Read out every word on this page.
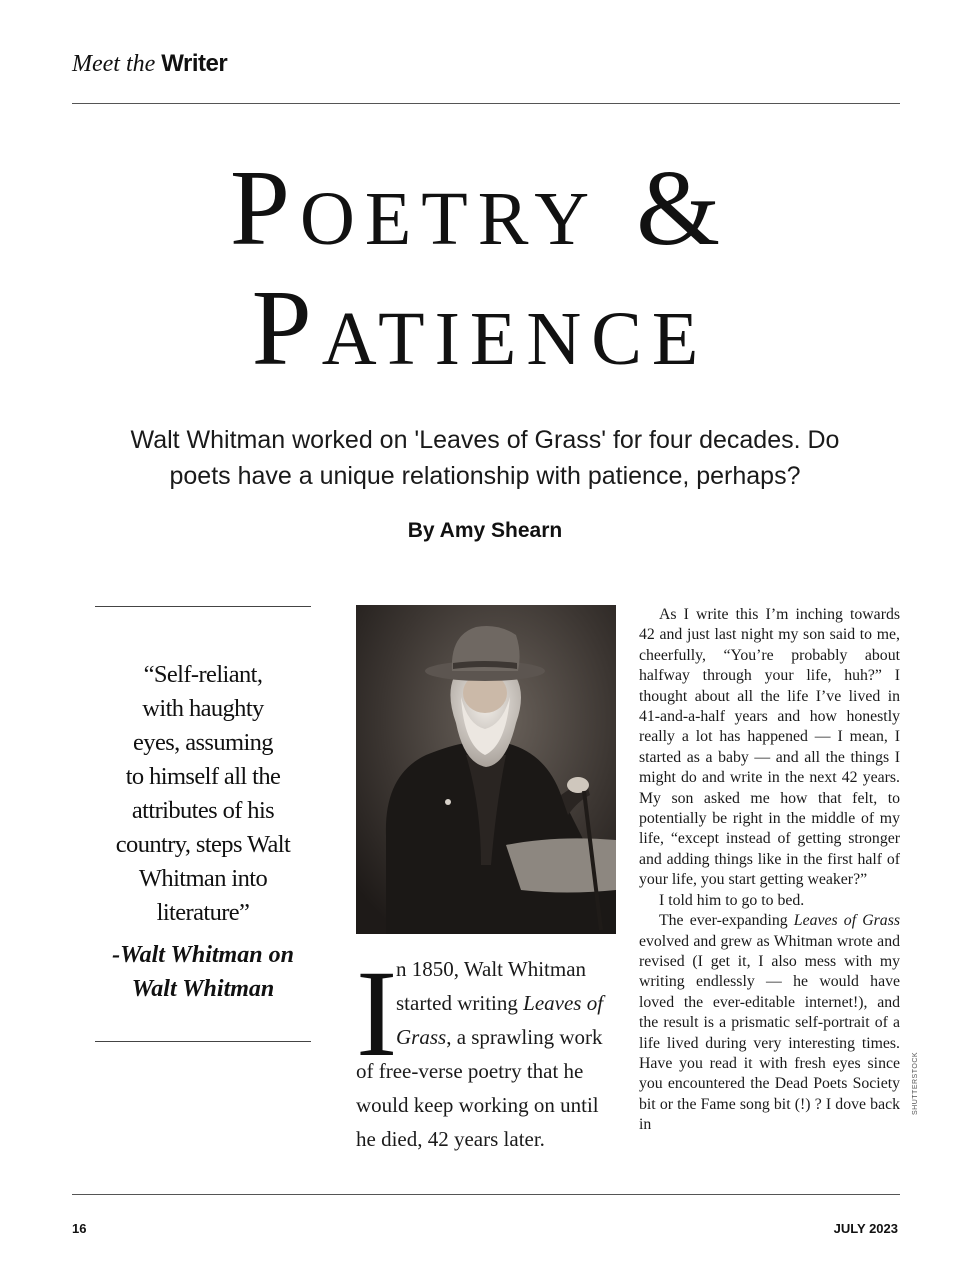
Meet the Writer
Poetry &
Patience
Walt Whitman worked on 'Leaves of Grass' for four decades. Do
poets have a unique relationship with patience, perhaps?
By Amy Shearn
“Self-reliant,
with haughty
eyes, assuming
to himself all the
attributes of his
country, steps Walt
Whitman into
literature”
-Walt Whitman on
Walt Whitman I
n 1850, Walt Whitman
started writing Leaves of
Grass, a sprawling work
of free-verse poetry that he
would keep working on until
he died, 42 years later.

As I write this I’m inching towards 42 and just last night my son said to me, cheerfully, “You’re probably about halfway through your life, huh?” I thought about all the life I’ve lived in 41-and-a-half years and how honestly really a lot has happened — I mean, I started as a baby — and all the things I might do and write in the next 42 years. My son asked me how that felt, to potentially be right in the middle of my life, “except instead of getting stronger and adding things like in the first half of your life, you start getting weaker?”

I told him to go to bed.

The ever-expanding Leaves of Grass evolved and grew as Whitman wrote and revised (I get it, I also mess with my writing endlessly — he would have loved the ever-editable internet!), and the result is a prismatic self-portrait of a life lived during very interesting times. Have you read it with fresh eyes since you encountered the Dead Poets Society bit or the Fame song bit (!) ? I dove back in

SHUTTERSTOCK
16	JULY 2023
